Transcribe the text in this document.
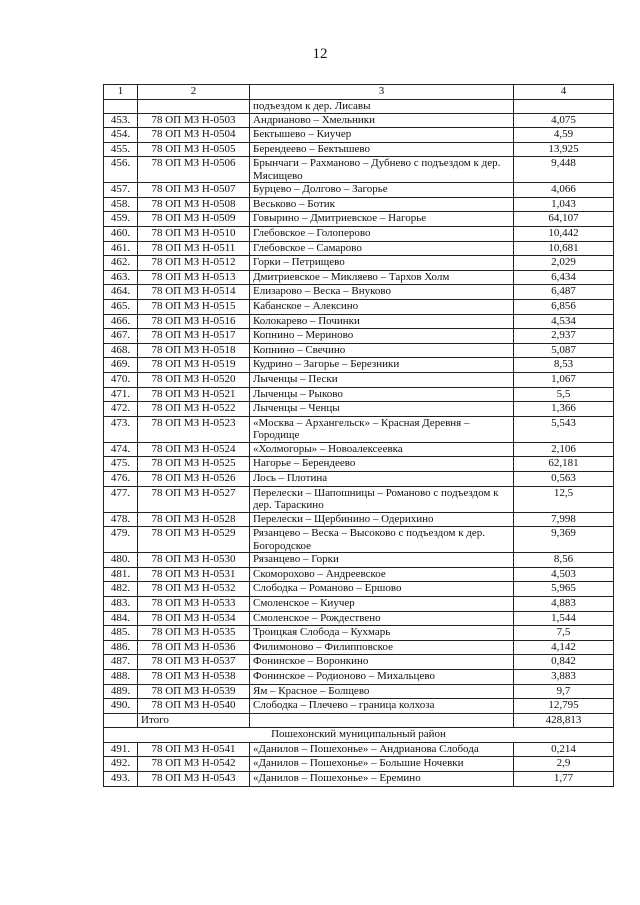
12
1	2	3	4
		подъездом к дер. Лисавы	
453.	78 ОП МЗ Н-0503	Андрианово – Хмельники	4,075
454.	78 ОП МЗ Н-0504	Бектышево – Киучер	4,59
455.	78 ОП МЗ Н-0505	Берендеево – Бектышево	13,925
456.	78 ОП МЗ Н-0506	Брынчаги – Рахманово – Дубнево с подъездом к дер. Мясищево	9,448
457.	78 ОП МЗ Н-0507	Бурцево – Долгово – Загорье	4,066
458.	78 ОП МЗ Н-0508	Веськово – Ботик	1,043
459.	78 ОП МЗ Н-0509	Говырино – Дмитриевское – Нагорье	64,107
460.	78 ОП МЗ Н-0510	Глебовское – Голоперово	10,442
461.	78 ОП МЗ Н-0511	Глебовское – Самарово	10,681
462.	78 ОП МЗ Н-0512	Горки – Петрищево	2,029
463.	78 ОП МЗ Н-0513	Дмитриевское – Микляево – Тархов Холм	6,434
464.	78 ОП МЗ Н-0514	Елизарово – Веска – Внуково	6,487
465.	78 ОП МЗ Н-0515	Кабанское – Алексино	6,856
466.	78 ОП МЗ Н-0516	Колокарево – Починки	4,534
467.	78 ОП МЗ Н-0517	Копнино – Мериново	2,937
468.	78 ОП МЗ Н-0518	Копнино – Свечино	5,087
469.	78 ОП МЗ Н-0519	Кудрино – Загорье – Березники	8,53
470.	78 ОП МЗ Н-0520	Лыченцы – Пески	1,067
471.	78 ОП МЗ Н-0521	Лыченцы – Рыково	5,5
472.	78 ОП МЗ Н-0522	Лыченцы – Ченцы	1,366
473.	78 ОП МЗ Н-0523	«Москва – Архангельск» – Красная Деревня – Городище	5,543
474.	78 ОП МЗ Н-0524	«Холмогоры» – Новоалексеевка	2,106
475.	78 ОП МЗ Н-0525	Нагорье – Берендеево	62,181
476.	78 ОП МЗ Н-0526	Лось – Плотина	0,563
477.	78 ОП МЗ Н-0527	Перелески – Шапошницы – Романово с подъездом к дер. Тараскино	12,5
478.	78 ОП МЗ Н-0528	Перелески – Щербинино – Одерихино	7,998
479.	78 ОП МЗ Н-0529	Рязанцево – Веска – Высоково с подъездом к дер. Богородское	9,369
480.	78 ОП МЗ Н-0530	Рязанцево – Горки	8,56
481.	78 ОП МЗ Н-0531	Скоморохово – Андреевское	4,503
482.	78 ОП МЗ Н-0532	Слободка – Романово – Ершово	5,965
483.	78 ОП МЗ Н-0533	Смоленское – Киучер	4,883
484.	78 ОП МЗ Н-0534	Смоленское – Рождествено	1,544
485.	78 ОП МЗ Н-0535	Троицкая Слобода – Кухмарь	7,5
486.	78 ОП МЗ Н-0536	Филимоново – Филипповское	4,142
487.	78 ОП МЗ Н-0537	Фонинское – Воронкино	0,842
488.	78 ОП МЗ Н-0538	Фонинское – Родионово – Михальцево	3,883
489.	78 ОП МЗ Н-0539	Ям – Красное – Болщево	9,7
490.	78 ОП МЗ Н-0540	Слободка – Плечево – граница колхоза	12,795
	Итого		428,813
Пошехонский муниципальный район			
491.	78 ОП МЗ Н-0541	«Данилов – Пошехонье» – Андрианова Слобода	0,214
492.	78 ОП МЗ Н-0542	«Данилов – Пошехонье» – Большие Ночевки	2,9
493.	78 ОП МЗ Н-0543	«Данилов – Пошехонье» – Еремино	1,77
